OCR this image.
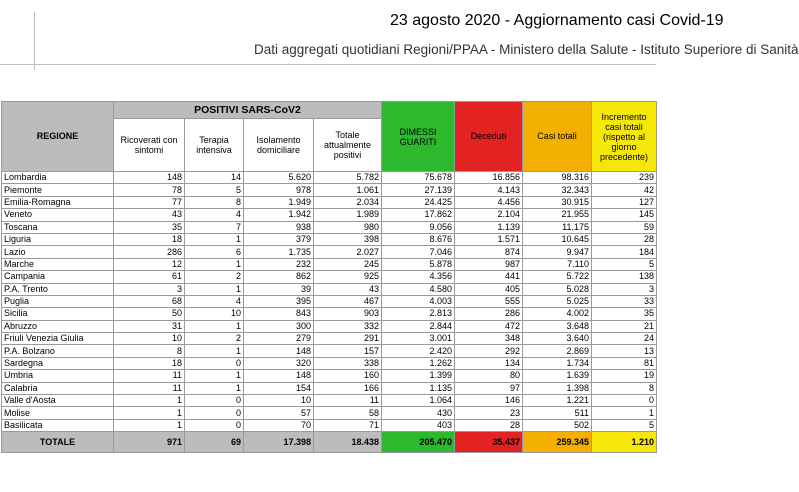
23 agosto 2020 - Aggiornamento casi Covid-19
Dati aggregati quotidiani Regioni/PPAA - Ministero della Salute - Istituto Superiore di Sanità
REGIONE	POSITIVI SARS-CoV2				DIMESSI GUARITI	Deceduti	Casi totali	Incremento casi totali (rispetto al giorno precedente)
	Ricoverati con sintomi	Terapia intensiva	Isolamento domiciliare	Totale attualmente positivi				
Lombardia	148	14	5.620	5.782	75.678	16.856	98.316	239
Piemonte	78	5	978	1.061	27.139	4.143	32.343	42
Emilia-Romagna	77	8	1.949	2.034	24.425	4.456	30.915	127
Veneto	43	4	1.942	1.989	17.862	2.104	21.955	145
Toscana	35	7	938	980	9.056	1.139	11.175	59
Liguria	18	1	379	398	8.676	1.571	10.645	28
Lazio	286	6	1.735	2.027	7.046	874	9.947	184
Marche	12	1	232	245	5.878	987	7.110	5
Campania	61	2	862	925	4.356	441	5.722	138
P.A. Trento	3	1	39	43	4.580	405	5.028	3
Puglia	68	4	395	467	4.003	555	5.025	33
Sicilia	50	10	843	903	2.813	286	4.002	35
Abruzzo	31	1	300	332	2.844	472	3.648	21
Friuli Venezia Giulia	10	2	279	291	3.001	348	3.640	24
P.A. Bolzano	8	1	148	157	2.420	292	2.869	13
Sardegna	18	0	320	338	1.262	134	1.734	81
Umbria	11	1	148	160	1.399	80	1.639	19
Calabria	11	1	154	166	1.135	97	1.398	8
Valle d'Aosta	1	0	10	11	1.064	146	1.221	0
Molise	1	0	57	58	430	23	511	1
Basilicata	1	0	70	71	403	28	502	5
TOTALE	971	69	17.398	18.438	205.470	35.437	259.345	1.210
